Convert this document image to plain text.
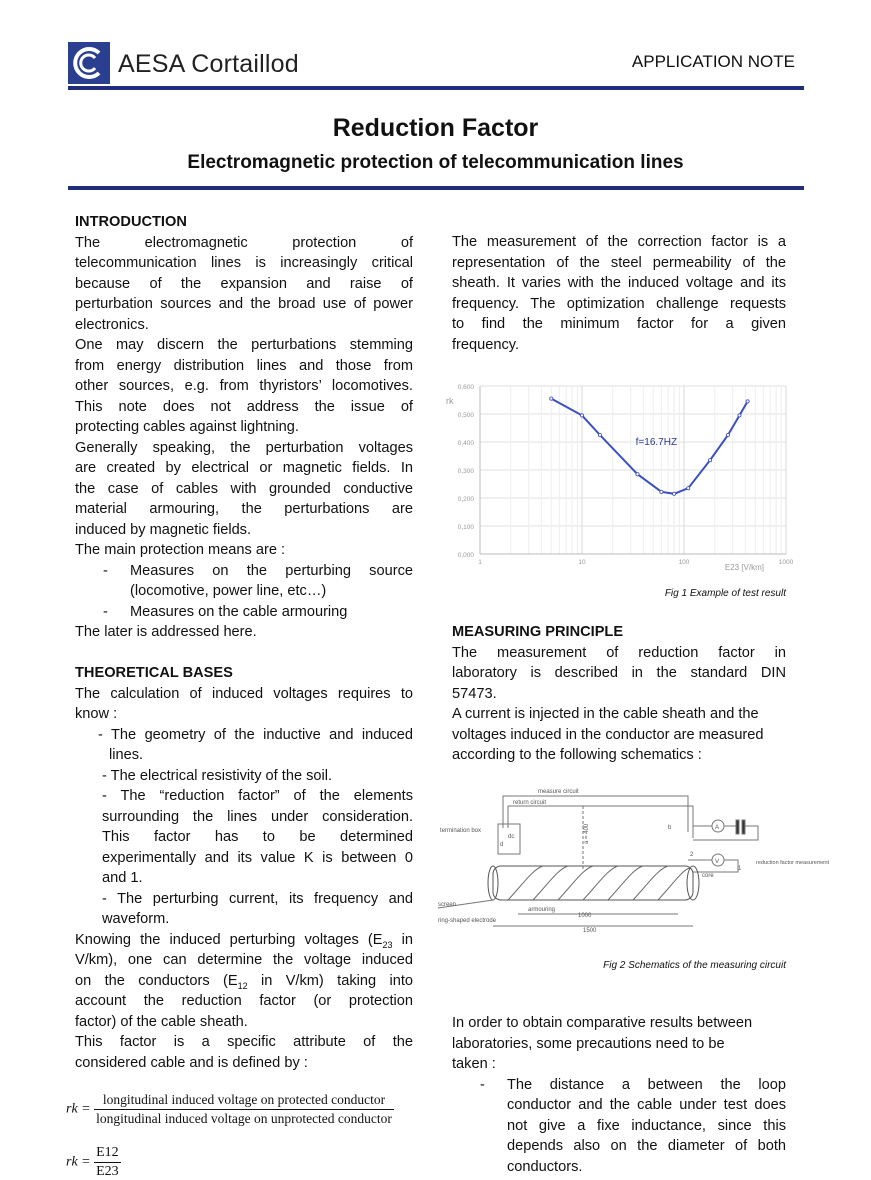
AESA Cortaillod	APPLICATION NOTE
Reduction Factor
Electromagnetic protection of telecommunication lines
INTRODUCTION
The electromagnetic protection of
telecommunication lines is increasingly critical
because of the expansion and raise of
perturbation sources and the broad use of power
electronics.
One may discern the perturbations stemming
from energy distribution lines and those from
other sources, e.g. from thyristors’ locomotives.
This note does not address the issue of
protecting cables against lightning.
Generally speaking, the perturbation voltages
are created by electrical or magnetic fields. In
the case of cables with grounded conductive
material armouring, the perturbations are
induced by magnetic fields.
The main protection means are :
- Measures on the perturbing source
(locomotive, power line, etc…)
- Measures on the cable armouring
The later is addressed here.
THEORETICAL BASES
The calculation of induced voltages requires to
know :
- The geometry of the inductive and induced
lines.
- The electrical resistivity of the soil.
- The “reduction factor” of the elements
surrounding the lines under consideration.
This factor has to be determined
experimentally and its value K is between 0
and 1.
- The perturbing current, its frequency and
waveform.
Knowing the induced perturbing voltages ($E_{23}$ in
V/km), one can determine the voltage induced
on the conductors ($E_{12}$ in V/km) taking into
account the reduction factor (or protection
factor) of the cable sheath.
This factor is a specific attribute of the
considered cable and is defined by :
rk = $\frac{\text{longitudinal induced voltage on protected conductor}}{\text{longitudinal induced voltage on unprotected conductor}}$
rk = $\frac{E12}{E23}$
The measurement of the correction factor is a
representation of the steel permeability of the
sheath. It varies with the induced voltage and its
frequency. The optimization challenge requests
to find the minimum factor for a given
frequency.
0,000
0,100
0,200
0,300
0,400
0,500
0,600
1	10	100	1000
rk
E23 [V/km]
f=16.7HZ
Fig 1 Example of test result
MEASURING PRINCIPLE
The measurement of reduction factor in
laboratory is described in the standard DIN
57473.
A current is injected in the cable sheath and the
voltages induced in the conductor are measured
according to the following schematics :
measure circuit
return circuit
termination box
dc
d
b
a = 400	A
V
core
1
2
reduction factor measurement
screen
ring-shaped electrode
armouring
1000
1500
Fig 2 Schematics of the measuring circuit
In order to obtain comparative results between
laboratories, some precautions need to be
taken :
- The distance a between the loop
conductor and the cable under test does
not give a fixe inductance, since this
depends also on the diameter of both
conductors.
